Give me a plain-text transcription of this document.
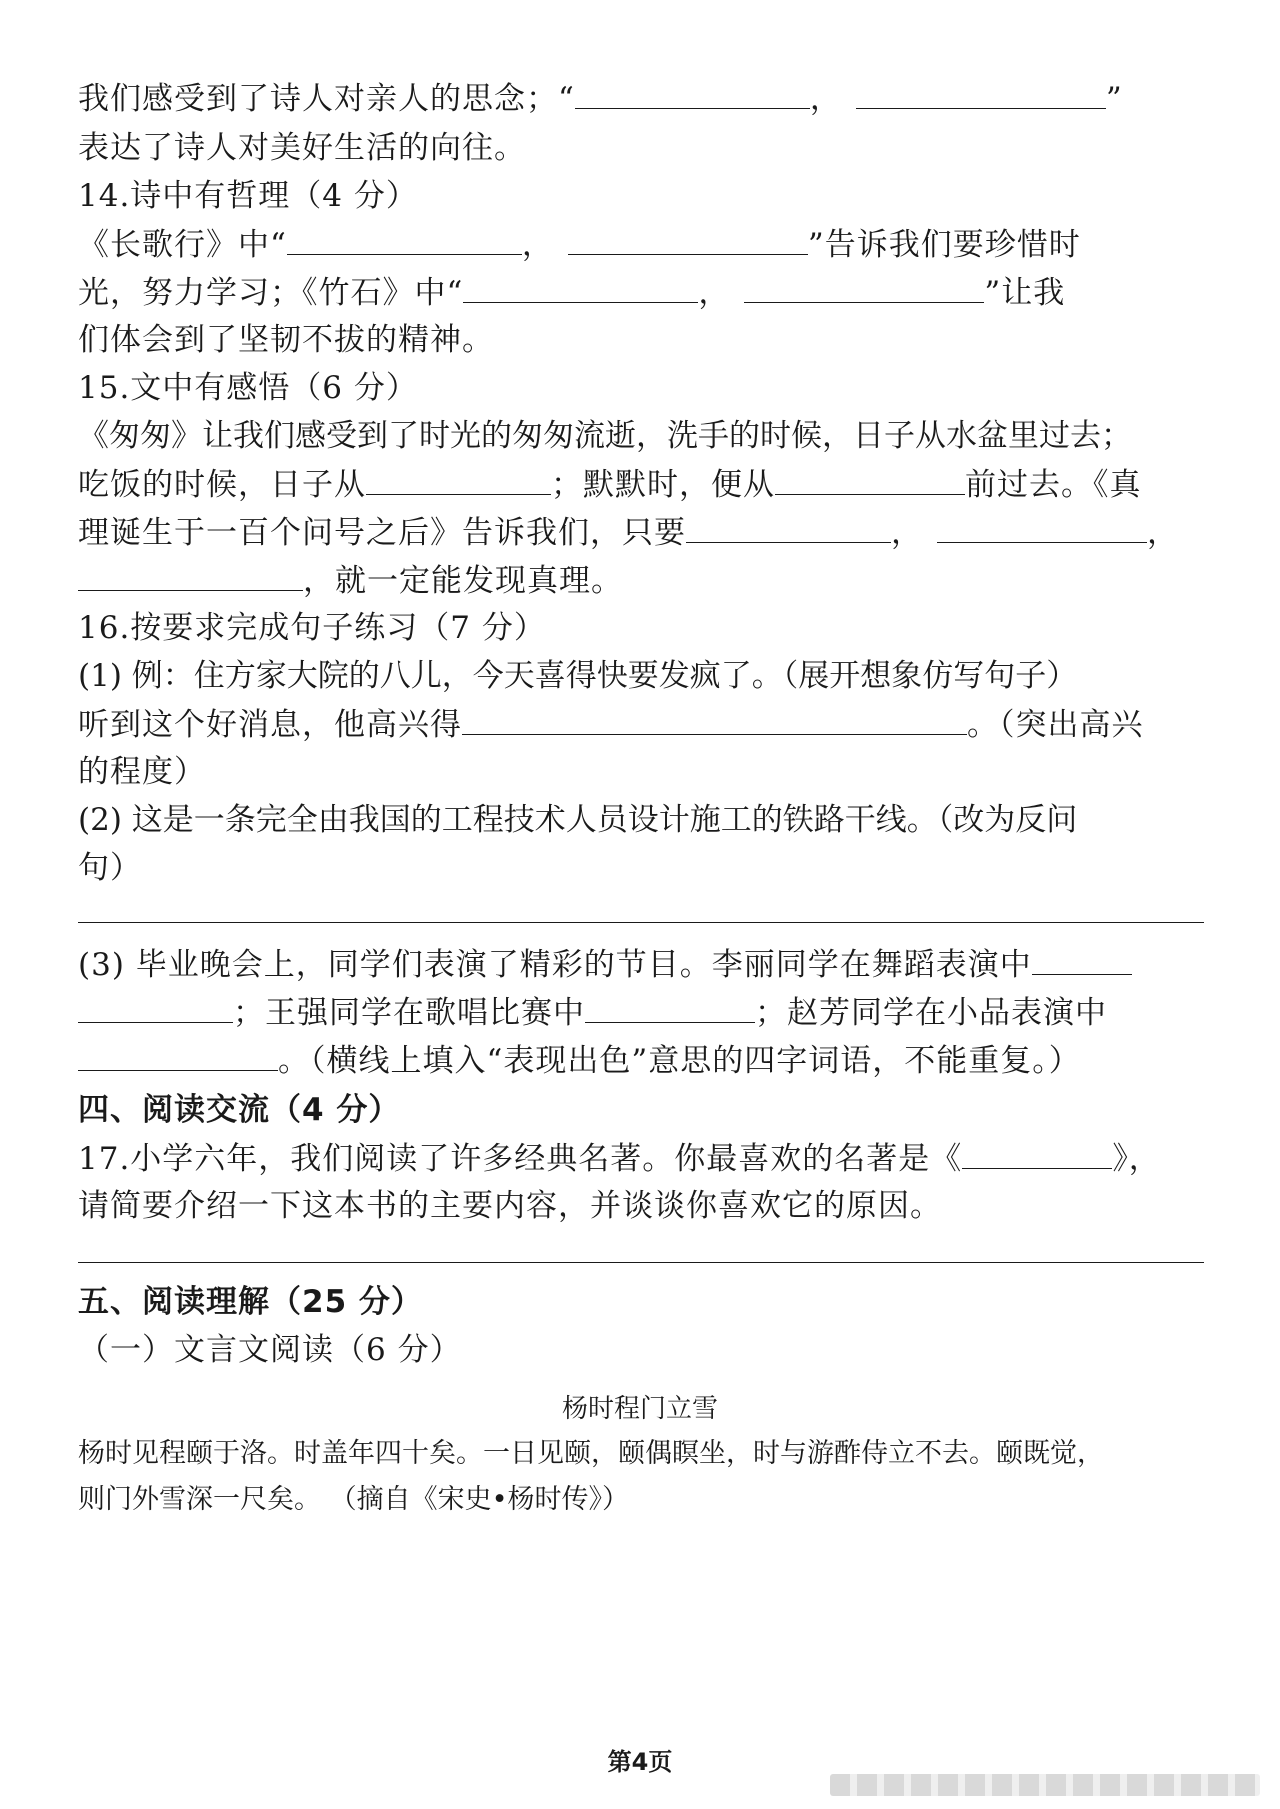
我们感受到了诗人对亲人的思念；“	，	”
表达了诗人对美好生活的向往。
14.诗中有哲理（4 分）
《长歌行》中“	，	”告诉我们要珍惜时
光，努力学习；《竹石》中“	，	”让我
们体会到了坚韧不拔的精神。
15.文中有感悟（6 分）
《匆匆》让我们感受到了时光的匆匆流逝，洗手的时候，日子从水盆里过去；
吃饭的时候，日子从	；默默时，便从	前过去。《真
理诞生于一百个问号之后》告诉我们，只要	，	，
，就一定能发现真理。
16.按要求完成句子练习（7 分）
(1) 例：住方家大院的八儿，今天喜得快要发疯了。（展开想象仿写句子）
听到这个好消息，他高兴得	。（突出高兴
的程度）
(2) 这是一条完全由我国的工程技术人员设计施工的铁路干线。（改为反问
句）
(3) 毕业晚会上，同学们表演了精彩的节目。李丽同学在舞蹈表演中
；王强同学在歌唱比赛中	；赵芳同学在小品表演中
。（横线上填入“表现出色”意思的四字词语，不能重复。）
四、阅读交流（4 分）
17.小学六年，我们阅读了许多经典名著。你最喜欢的名著是《	》，
请简要介绍一下这本书的主要内容，并谈谈你喜欢它的原因。
五、阅读理解（25 分）
（一）文言文阅读（6 分）
杨时程门立雪
杨时见程颐于洛。时盖年四十矣。一日见颐，颐偶瞑坐，时与游酢侍立不去。颐既觉，
则门外雪深一尺矣。 （摘自《宋史•杨时传》）
第4页
